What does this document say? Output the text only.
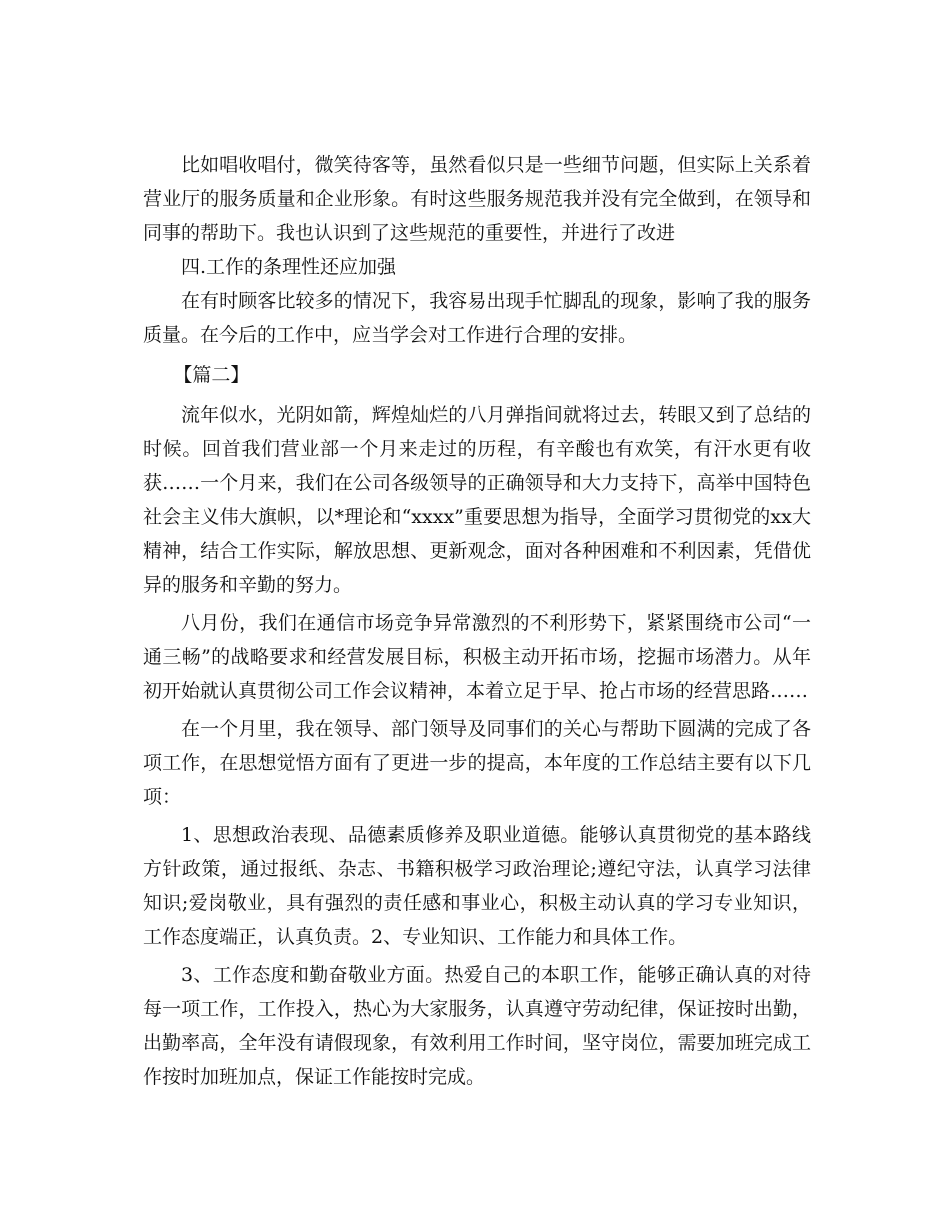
比如唱收唱付，微笑待客等，虽然看似只是一些细节问题，但实际上关系着营业厅的服务质量和企业形象。有时这些服务规范我并没有完全做到，在领导和同事的帮助下。我也认识到了这些规范的重要性，并进行了改进

四.工作的条理性还应加强

在有时顾客比较多的情况下，我容易出现手忙脚乱的现象，影响了我的服务质量。在今后的工作中，应当学会对工作进行合理的安排。

【篇二】

流年似水，光阴如箭，辉煌灿烂的八月弹指间就将过去，转眼又到了总结的时候。回首我们营业部一个月来走过的历程，有辛酸也有欢笑，有汗水更有收获……一个月来，我们在公司各级领导的正确领导和大力支持下，高举中国特色社会主义伟大旗帜，以*理论和“xxxx”重要思想为指导，全面学习贯彻党的xx大精神，结合工作实际，解放思想、更新观念，面对各种困难和不利因素，凭借优异的服务和辛勤的努力。

八月份，我们在通信市场竞争异常激烈的不利形势下，紧紧围绕市公司“一通三畅”的战略要求和经营发展目标，积极主动开拓市场，挖掘市场潜力。从年初开始就认真贯彻公司工作会议精神，本着立足于早、抢占市场的经营思路……

在一个月里，我在领导、部门领导及同事们的关心与帮助下圆满的完成了各项工作，在思想觉悟方面有了更进一步的提高，本年度的工作总结主要有以下几项：

1、思想政治表现、品德素质修养及职业道德。能够认真贯彻党的基本路线方针政策，通过报纸、杂志、书籍积极学习政治理论;遵纪守法，认真学习法律知识;爱岗敬业，具有强烈的责任感和事业心，积极主动认真的学习专业知识，工作态度端正，认真负责。2、专业知识、工作能力和具体工作。

3、工作态度和勤奋敬业方面。热爱自己的本职工作，能够正确认真的对待每一项工作，工作投入，热心为大家服务，认真遵守劳动纪律，保证按时出勤，出勤率高，全年没有请假现象，有效利用工作时间，坚守岗位，需要加班完成工作按时加班加点，保证工作能按时完成。
